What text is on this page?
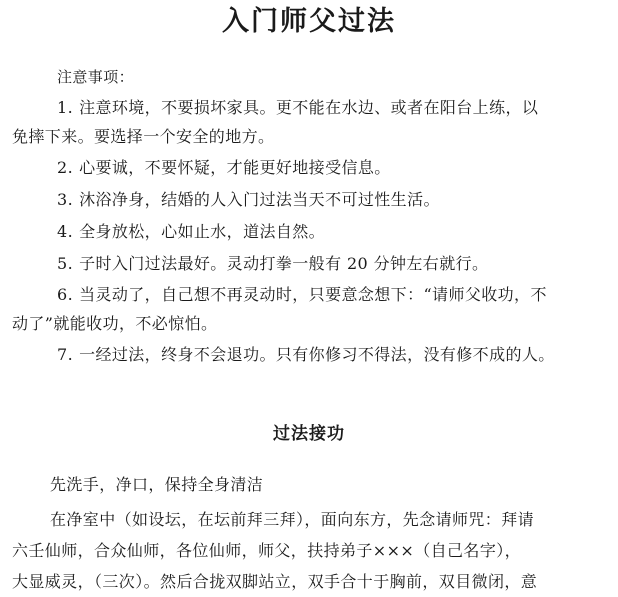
入门师父过法
注意事项：
1. 注意环境，不要损坏家具。更不能在水边、或者在阳台上练，以
免摔下来。要选择一个安全的地方。
2. 心要诚，不要怀疑，才能更好地接受信息。
3. 沐浴净身，结婚的人入门过法当天不可过性生活。
4. 全身放松，心如止水，道法自然。
5. 子时入门过法最好。灵动打拳一般有 20 分钟左右就行。
6. 当灵动了，自己想不再灵动时，只要意念想下：“请师父收功，不
动了”就能收功，不必惊怕。
7. 一经过法，终身不会退功。只有你修习不得法，没有修不成的人。
过法接功
先洗手，净口，保持全身清洁
在净室中（如设坛，在坛前拜三拜），面向东方，先念请师咒：拜请
六壬仙师，合众仙师，各位仙师，师父，扶持弟子×××（自己名字），
大显威灵，（三次）。然后合拢双脚站立，双手合十于胸前，双目微闭，意
